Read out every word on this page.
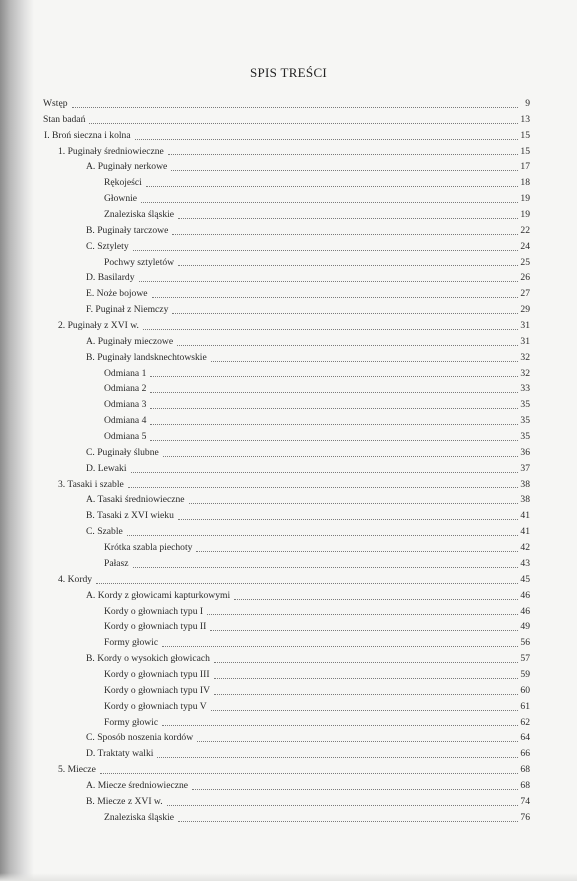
SPIS TREŚCI
Wstęp	9
Stan badań	13
I. Broń sieczna i kolna	15
1. Puginały średniowieczne	15
A. Puginały nerkowe	17
Rękojeści	18
Głownie	19
Znaleziska śląskie	19
B. Puginały tarczowe	22
C. Sztylety	24
Pochwy sztyletów	25
D. Basilardy	26
E. Noże bojowe	27
F. Puginał z Niemczy	29
2. Puginały z XVI w.	31
A. Puginały mieczowe	31
B. Puginały landsknechtowskie	32
Odmiana 1	32
Odmiana 2	33
Odmiana 3	35
Odmiana 4	35
Odmiana 5	35
C. Puginały ślubne	36
D. Lewaki	37
3. Tasaki i szable	38
A. Tasaki średniowieczne	38
B. Tasaki z XVI wieku	41
C. Szable	41
Krótka szabla piechoty	42
Pałasz	43
4. Kordy	45
A. Kordy z głowicami kapturkowymi	46
Kordy o głowniach typu I	46
Kordy o głowniach typu II	49
Formy głowic	56
B. Kordy o wysokich głowicach	57
Kordy o głowniach typu III	59
Kordy o głowniach typu IV	60
Kordy o głowniach typu V	61
Formy głowic	62
C. Sposób noszenia kordów	64
D. Traktaty walki	66
5. Miecze	68
A. Miecze średniowieczne	68
B. Miecze z XVI w.	74
Znaleziska śląskie	76
